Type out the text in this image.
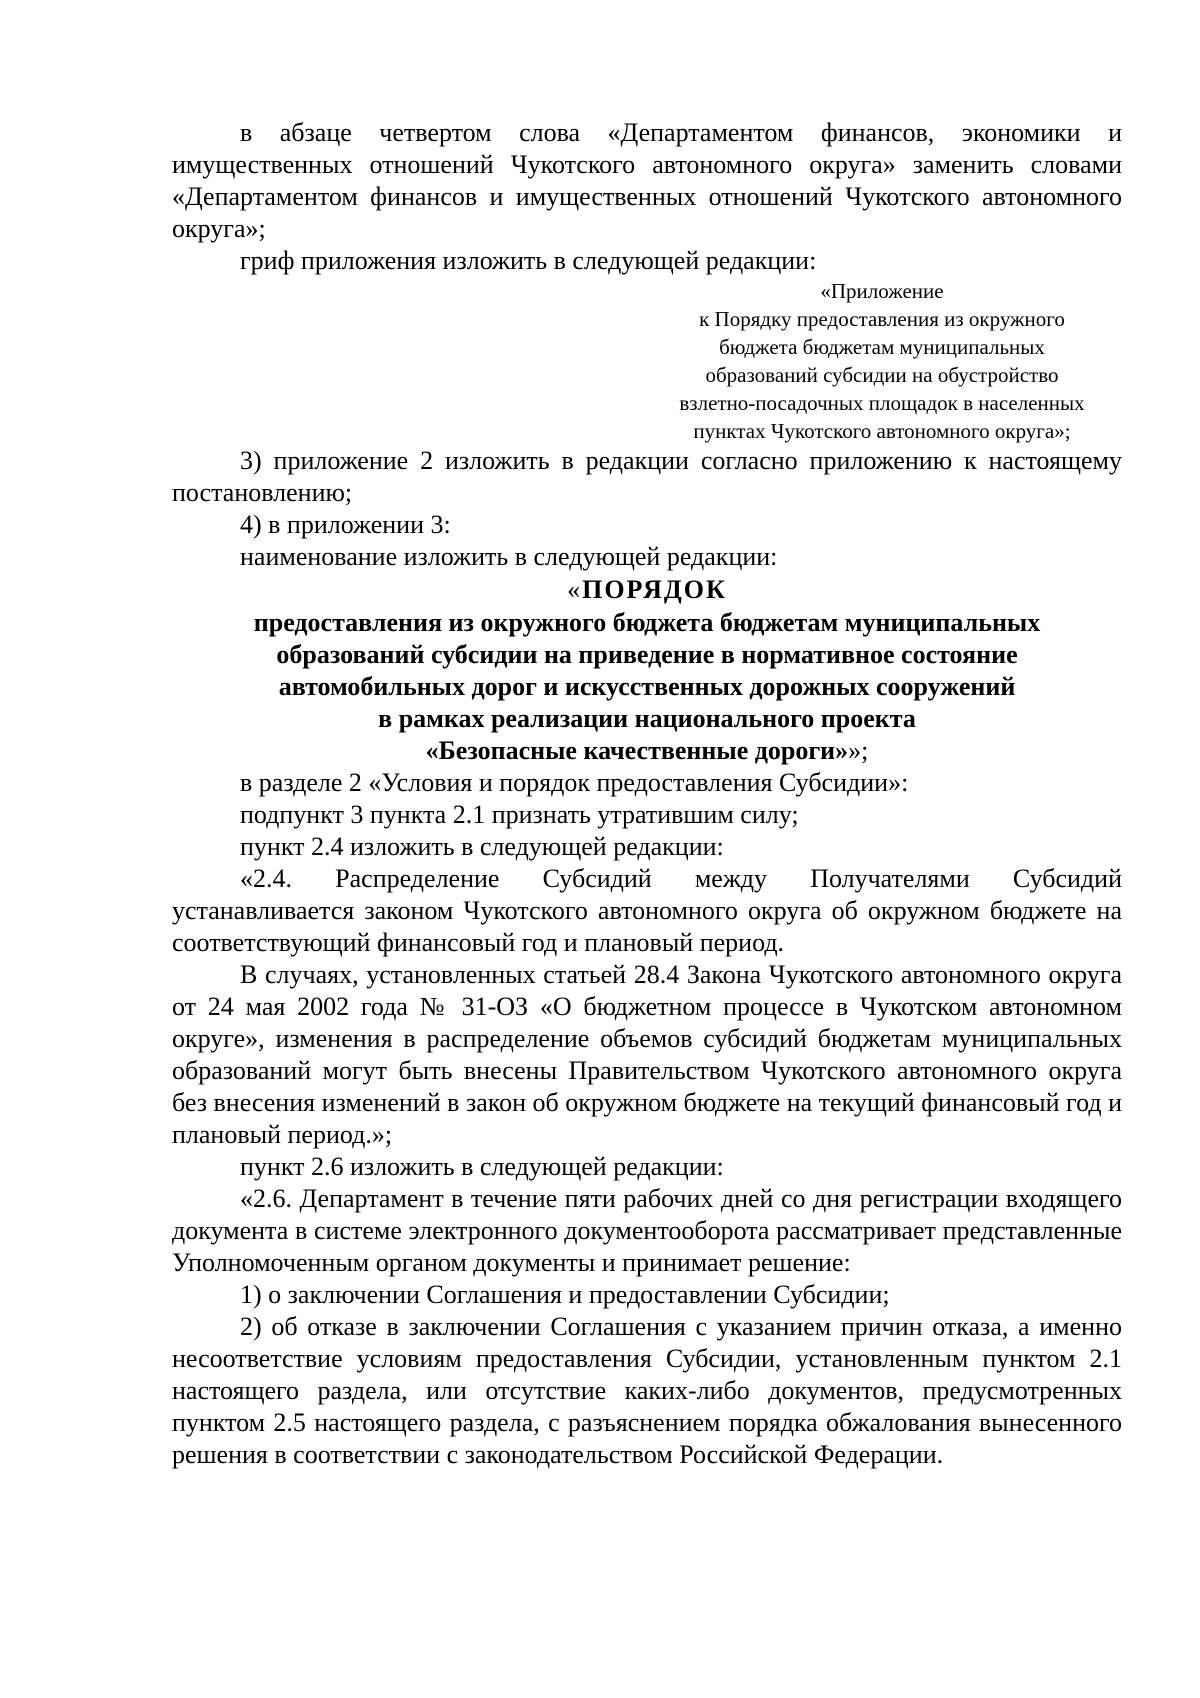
в абзаце четвертом слова «Департаментом финансов, экономики и имущественных отношений Чукотского автономного округа» заменить словами «Департаментом финансов и имущественных отношений Чукотского автономного округа»;

гриф приложения изложить в следующей редакции:

«Приложение
к Порядку предоставления из окружного
бюджета бюджетам муниципальных
образований субсидии на обустройство
взлетно-посадочных площадок в населенных
пунктах Чукотского автономного округа»;

3) приложение 2 изложить в редакции согласно приложению к настоящему постановлению;

4) в приложении 3:

наименование изложить в следующей редакции:

«ПОРЯДОК
предоставления из окружного бюджета бюджетам муниципальных
образований субсидии на приведение в нормативное состояние
автомобильных дорог и искусственных дорожных сооружений
в рамках реализации национального проекта
«Безопасные качественные дороги»»;

в разделе 2 «Условия и порядок предоставления Субсидии»:

подпункт 3 пункта 2.1 признать утратившим силу;

пункт 2.4 изложить в следующей редакции:

«2.4. Распределение Субсидий между Получателями Субсидий устанавливается законом Чукотского автономного округа об окружном бюджете на соответствующий финансовый год и плановый период.

В случаях, установленных статьей 28.4 Закона Чукотского автономного округа от 24 мая 2002 года № 31-ОЗ «О бюджетном процессе в Чукотском автономном округе», изменения в распределение объемов субсидий бюджетам муниципальных образований могут быть внесены Правительством Чукотского автономного округа без внесения изменений в закон об окружном бюджете на текущий финансовый год и плановый период.»;

пункт 2.6 изложить в следующей редакции:

«2.6. Департамент в течение пяти рабочих дней со дня регистрации входящего документа в системе электронного документооборота рассматривает представленные Уполномоченным органом документы и принимает решение:

1) о заключении Соглашения и предоставлении Субсидии;

2) об отказе в заключении Соглашения с указанием причин отказа, а именно несоответствие условиям предоставления Субсидии, установленным пунктом 2.1 настоящего раздела, или отсутствие каких-либо документов, предусмотренных пунктом 2.5 настоящего раздела, с разъяснением порядка обжалования вынесенного решения в соответствии с законодательством Российской Федерации.
